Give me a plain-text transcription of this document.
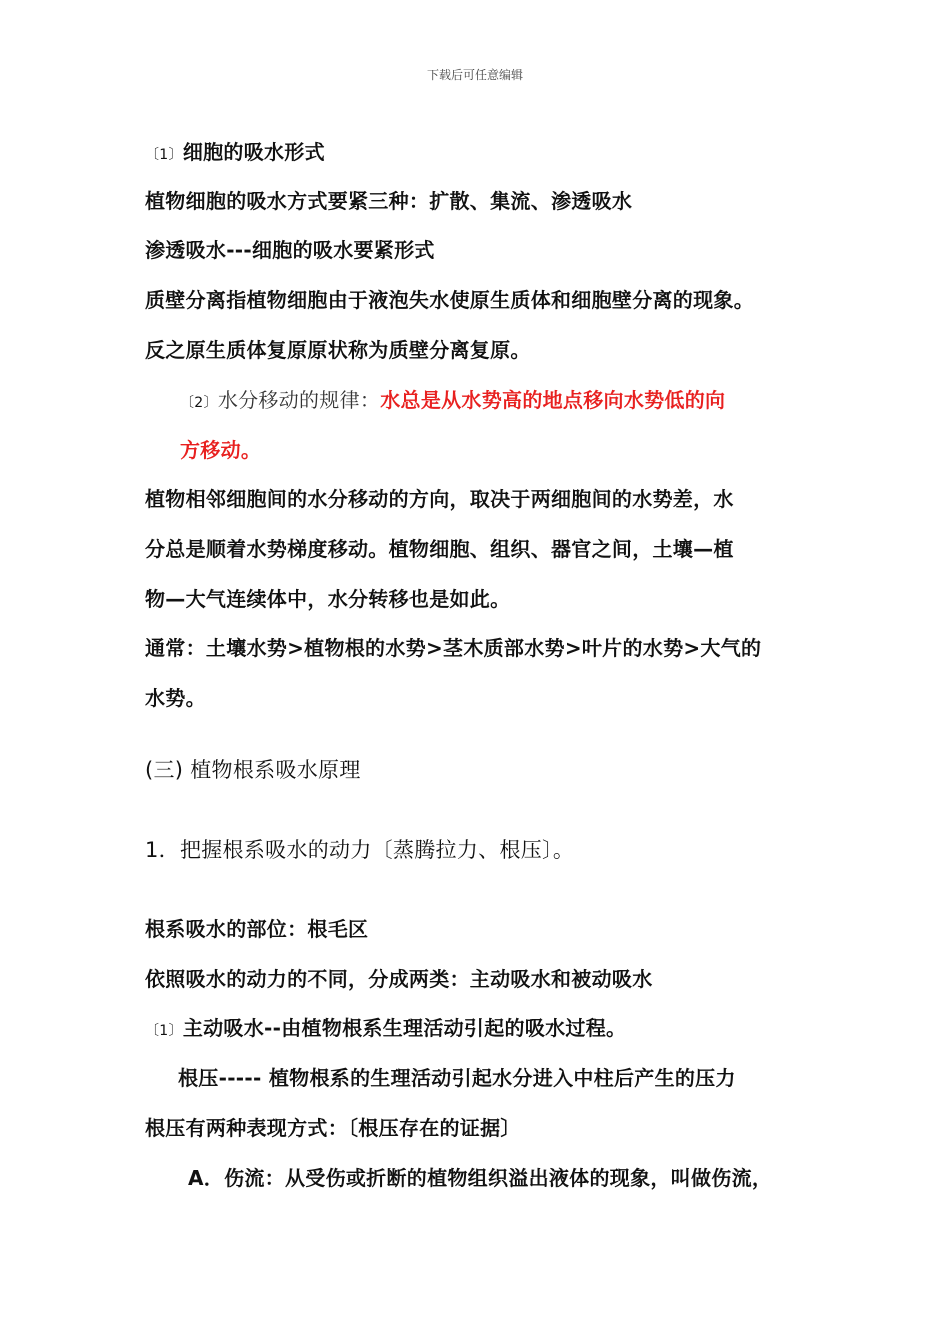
下载后可任意编辑
〔1〕细胞的吸水形式
植物细胞的吸水方式要紧三种：扩散、集流、渗透吸水
渗透吸水---细胞的吸水要紧形式
质壁分离指植物细胞由于液泡失水使原生质体和细胞壁分离的现象。
反之原生质体复原原状称为质壁分离复原。
〔2〕水分移动的规律：水总是从水势高的地点移向水势低的向
方移动。
植物相邻细胞间的水分移动的方向，取决于两细胞间的水势差，水
分总是顺着水势梯度移动。植物细胞、组织、器官之间，土壤—植
物—大气连续体中，水分转移也是如此。
通常：土壤水势>植物根的水势>茎木质部水势>叶片的水势>大气的
水势。
(三) 植物根系吸水原理
1．把握根系吸水的动力〔蒸腾拉力、根压〕。
根系吸水的部位：根毛区
依照吸水的动力的不同，分成两类：主动吸水和被动吸水
〔1〕主动吸水--由植物根系生理活动引起的吸水过程。
根压----- 植物根系的生理活动引起水分进入中柱后产生的压力
根压有两种表现方式：〔根压存在的证据〕
A．伤流：从受伤或折断的植物组织溢出液体的现象，叫做伤流，
